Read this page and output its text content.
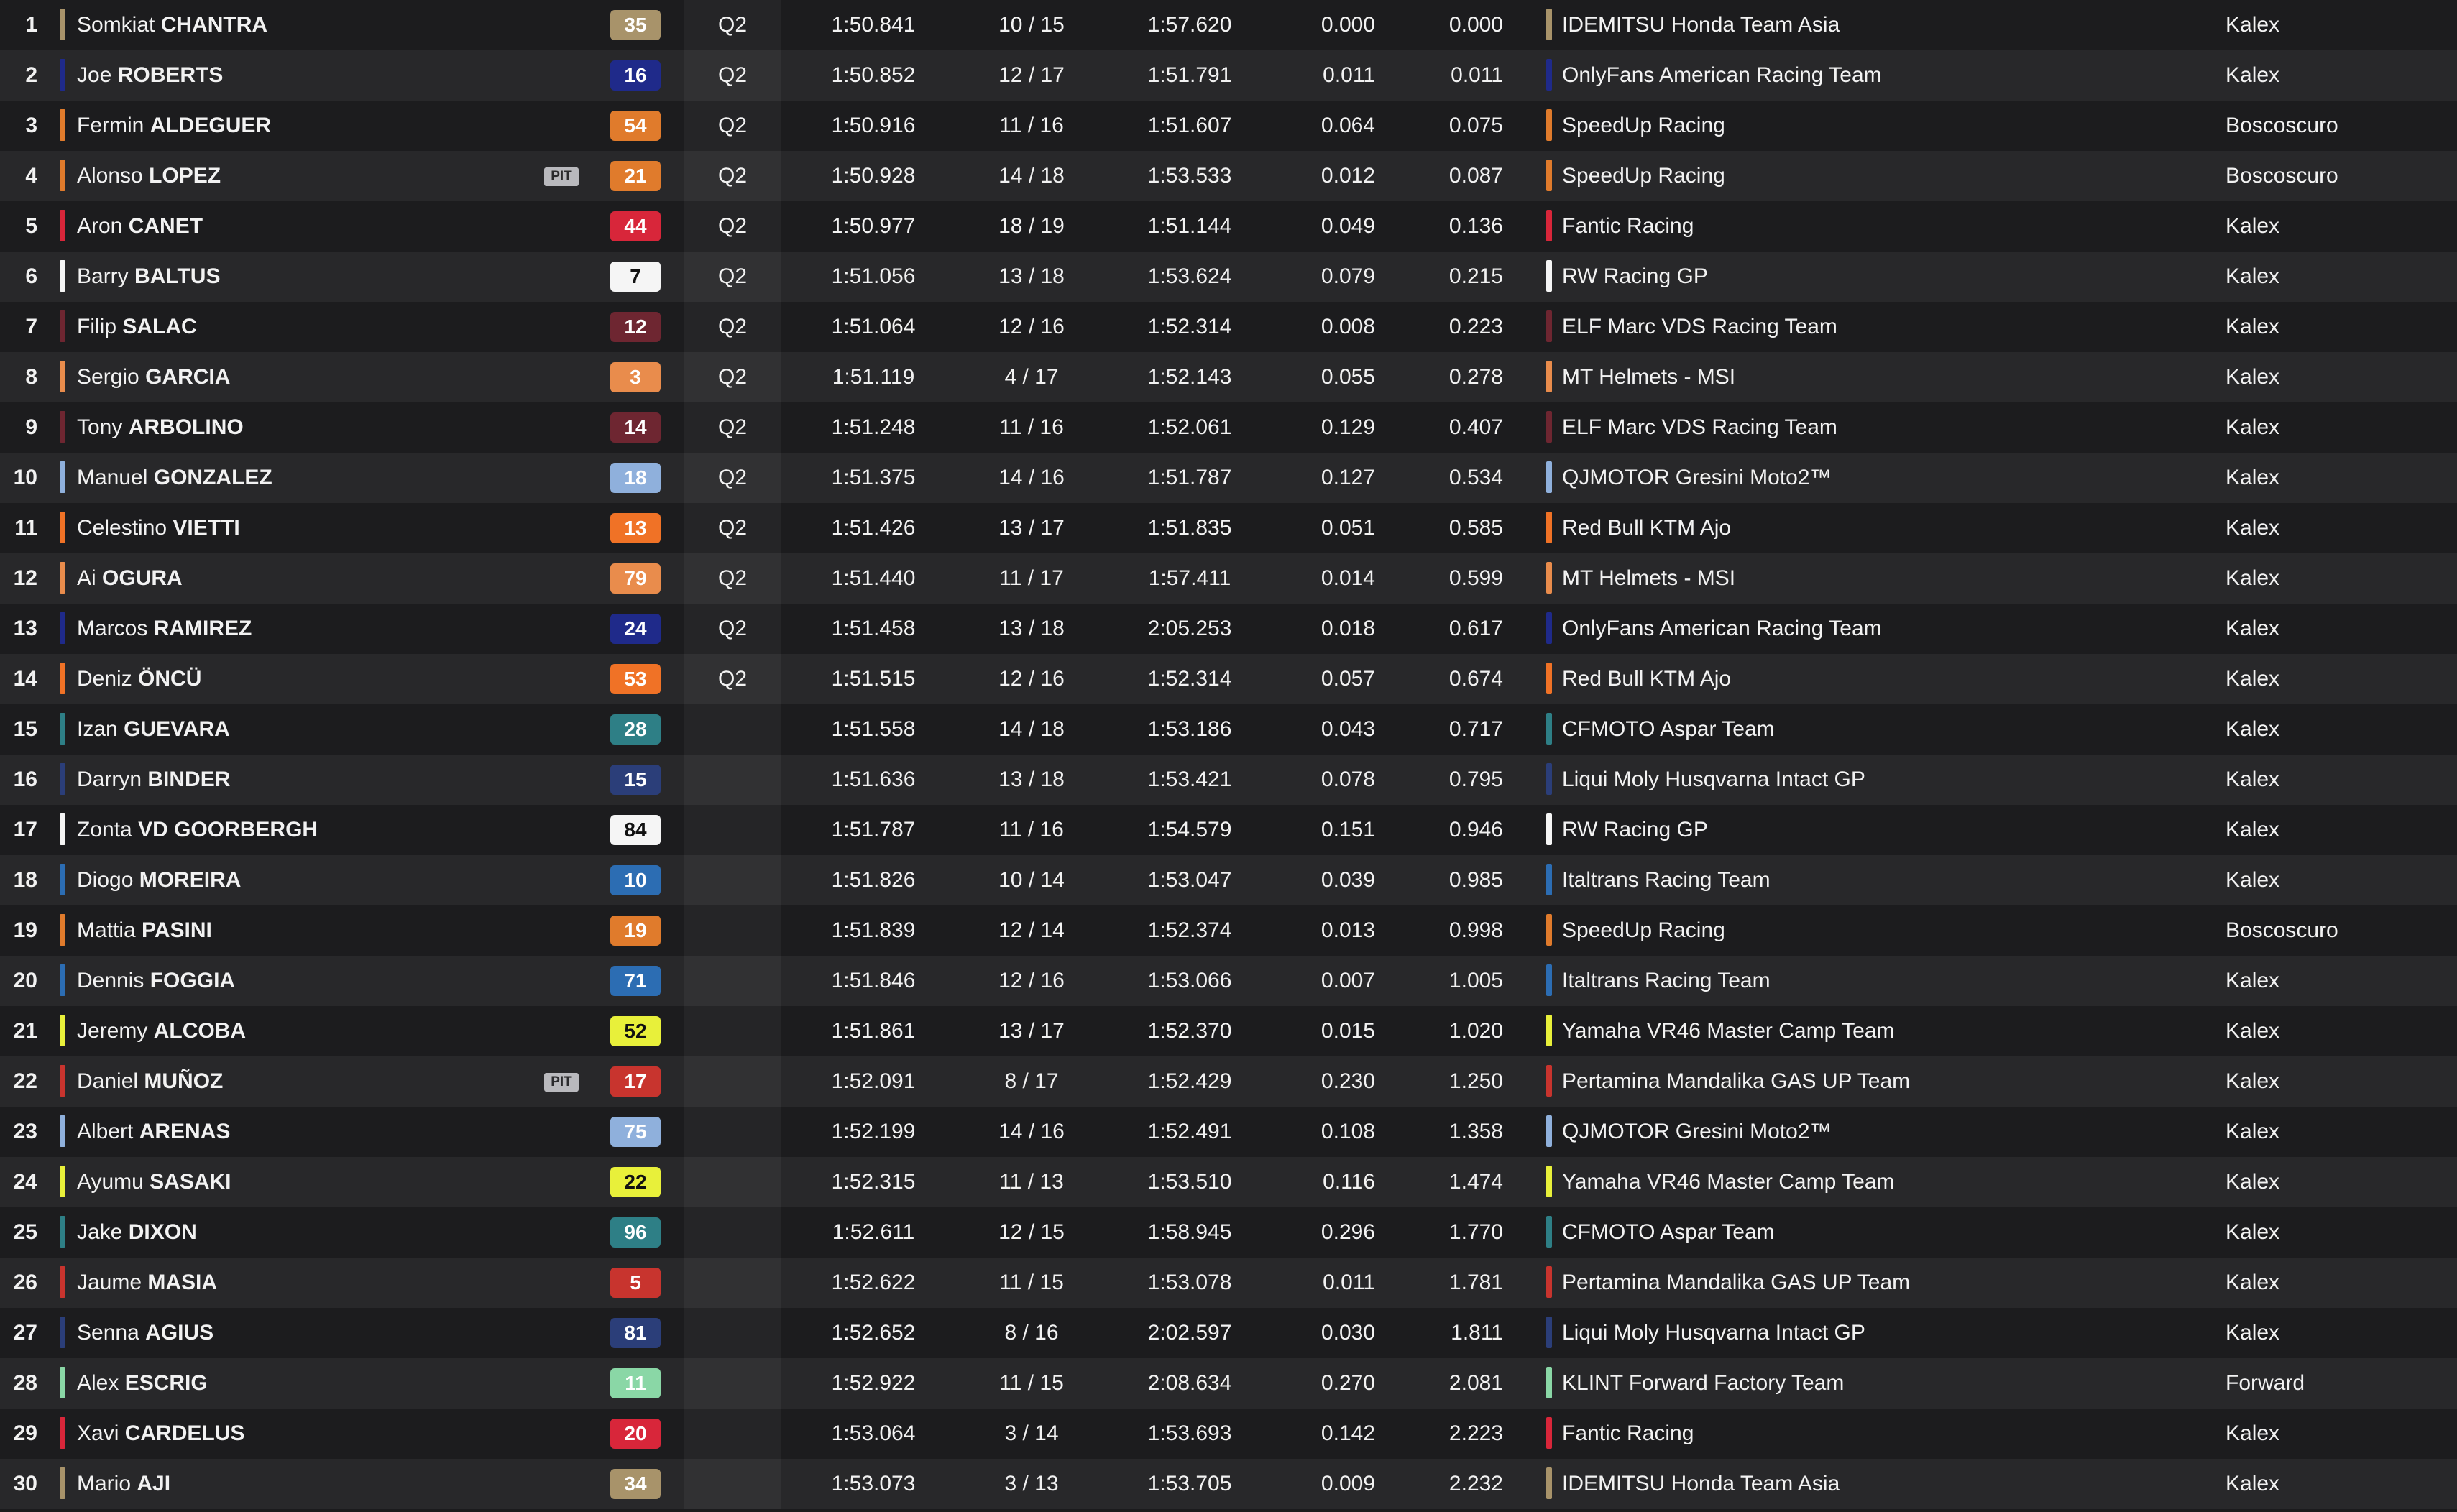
1 Somkiat CHANTRA	35	Q2	1:50.841	10 / 15	1:57.620	0.000	0.000	IDEMITSU Honda Team Asia	Kalex
2 Joe ROBERTS	16	Q2	1:50.852	12 / 17	1:51.791	0.011	0.011	OnlyFans American Racing Team	Kalex
3 Fermin ALDEGUER	54	Q2	1:50.916	11 / 16	1:51.607	0.064	0.075	SpeedUp Racing	Boscoscuro
4 Alonso LOPEZ	PIT	21	Q2	1:50.928	14 / 18	1:53.533	0.012	0.087	SpeedUp Racing	Boscoscuro
5 Aron CANET	44	Q2	1:50.977	18 / 19	1:51.144	0.049	0.136	Fantic Racing	Kalex
6 Barry BALTUS	7	Q2	1:51.056	13 / 18	1:53.624	0.079	0.215	RW Racing GP	Kalex
7 Filip SALAC	12	Q2	1:51.064	12 / 16	1:52.314	0.008	0.223	ELF Marc VDS Racing Team	Kalex
8 Sergio GARCIA	3	Q2	1:51.119	4 / 17	1:52.143	0.055	0.278	MT Helmets - MSI	Kalex
9 Tony ARBOLINO	14	Q2	1:51.248	11 / 16	1:52.061	0.129	0.407	ELF Marc VDS Racing Team	Kalex
10 Manuel GONZALEZ	18	Q2	1:51.375	14 / 16	1:51.787	0.127	0.534	QJMOTOR Gresini Moto2™	Kalex
11 Celestino VIETTI	13	Q2	1:51.426	13 / 17	1:51.835	0.051	0.585	Red Bull KTM Ajo	Kalex
12 Ai OGURA	79	Q2	1:51.440	11 / 17	1:57.411	0.014	0.599	MT Helmets - MSI	Kalex
13 Marcos RAMIREZ	24	Q2	1:51.458	13 / 18	2:05.253	0.018	0.617	OnlyFans American Racing Team	Kalex
14 Deniz ÖNCÜ	53	Q2	1:51.515	12 / 16	1:52.314	0.057	0.674	Red Bull KTM Ajo	Kalex
15 Izan GUEVARA	28	1:51.558	14 / 18	1:53.186	0.043	0.717	CFMOTO Aspar Team	Kalex
16 Darryn BINDER	15	1:51.636	13 / 18	1:53.421	0.078	0.795	Liqui Moly Husqvarna Intact GP	Kalex
17 Zonta VD GOORBERGH	84	1:51.787	11 / 16	1:54.579	0.151	0.946	RW Racing GP	Kalex
18 Diogo MOREIRA	10	1:51.826	10 / 14	1:53.047	0.039	0.985	Italtrans Racing Team	Kalex
19 Mattia PASINI	19	1:51.839	12 / 14	1:52.374	0.013	0.998	SpeedUp Racing	Boscoscuro
20 Dennis FOGGIA	71	1:51.846	12 / 16	1:53.066	0.007	1.005	Italtrans Racing Team	Kalex
21 Jeremy ALCOBA	52	1:51.861	13 / 17	1:52.370	0.015	1.020	Yamaha VR46 Master Camp Team	Kalex
22 Daniel MUÑOZ	PIT	17	1:52.091	8 / 17	1:52.429	0.230	1.250	Pertamina Mandalika GAS UP Team	Kalex
23 Albert ARENAS	75	1:52.199	14 / 16	1:52.491	0.108	1.358	QJMOTOR Gresini Moto2™	Kalex
24 Ayumu SASAKI	22	1:52.315	11 / 13	1:53.510	0.116	1.474	Yamaha VR46 Master Camp Team	Kalex
25 Jake DIXON	96	1:52.611	12 / 15	1:58.945	0.296	1.770	CFMOTO Aspar Team	Kalex
26 Jaume MASIA	5	1:52.622	11 / 15	1:53.078	0.011	1.781	Pertamina Mandalika GAS UP Team	Kalex
27 Senna AGIUS	81	1:52.652	8 / 16	2:02.597	0.030	1.811	Liqui Moly Husqvarna Intact GP	Kalex
28 Alex ESCRIG	11	1:52.922	11 / 15	2:08.634	0.270	2.081	KLINT Forward Factory Team	Forward
29 Xavi CARDELUS	20	1:53.064	3 / 14	1:53.693	0.142	2.223	Fantic Racing	Kalex
30 Mario AJI	34	1:53.073	3 / 13	1:53.705	0.009	2.232	IDEMITSU Honda Team Asia	Kalex
